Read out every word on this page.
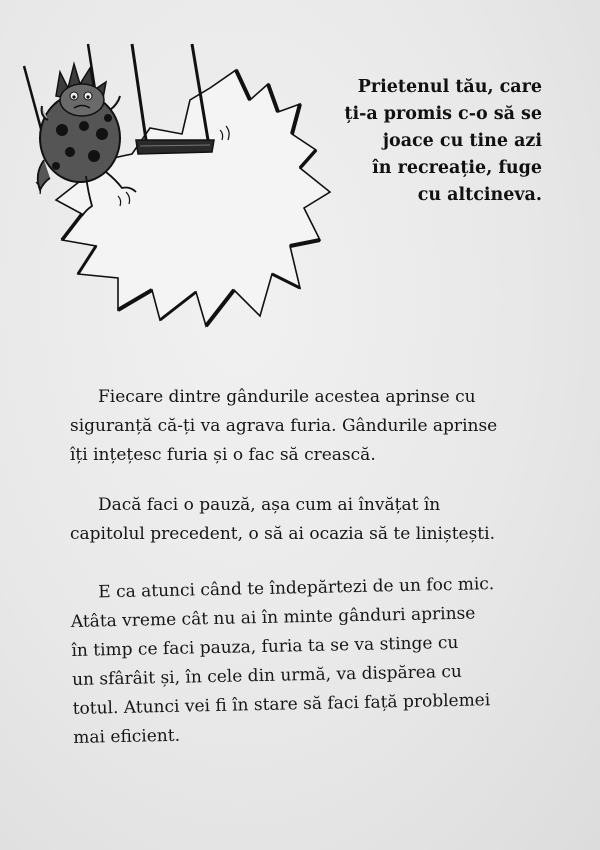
Prietenul tău, care
ți-a promis c-o să se
joace cu tine azi
în recreație, fuge
cu altcineva.

Fiecare dintre gândurile acestea aprinse cu
siguranță că-ți va agrava furia. Gândurile aprinse
îți ințețesc furia și o fac să crească.

Dacă faci o pauză, așa cum ai învățat în
capitolul precedent, o să ai ocazia să te liniștești.

E ca atunci când te îndepărtezi de un foc mic.
Atâta vreme cât nu ai în minte gânduri aprinse
în timp ce faci pauza, furia ta se va stinge cu
un sfârâit și, în cele din urmă, va dispărea cu
totul. Atunci vei fi în stare să faci față problemei
mai eficient.
